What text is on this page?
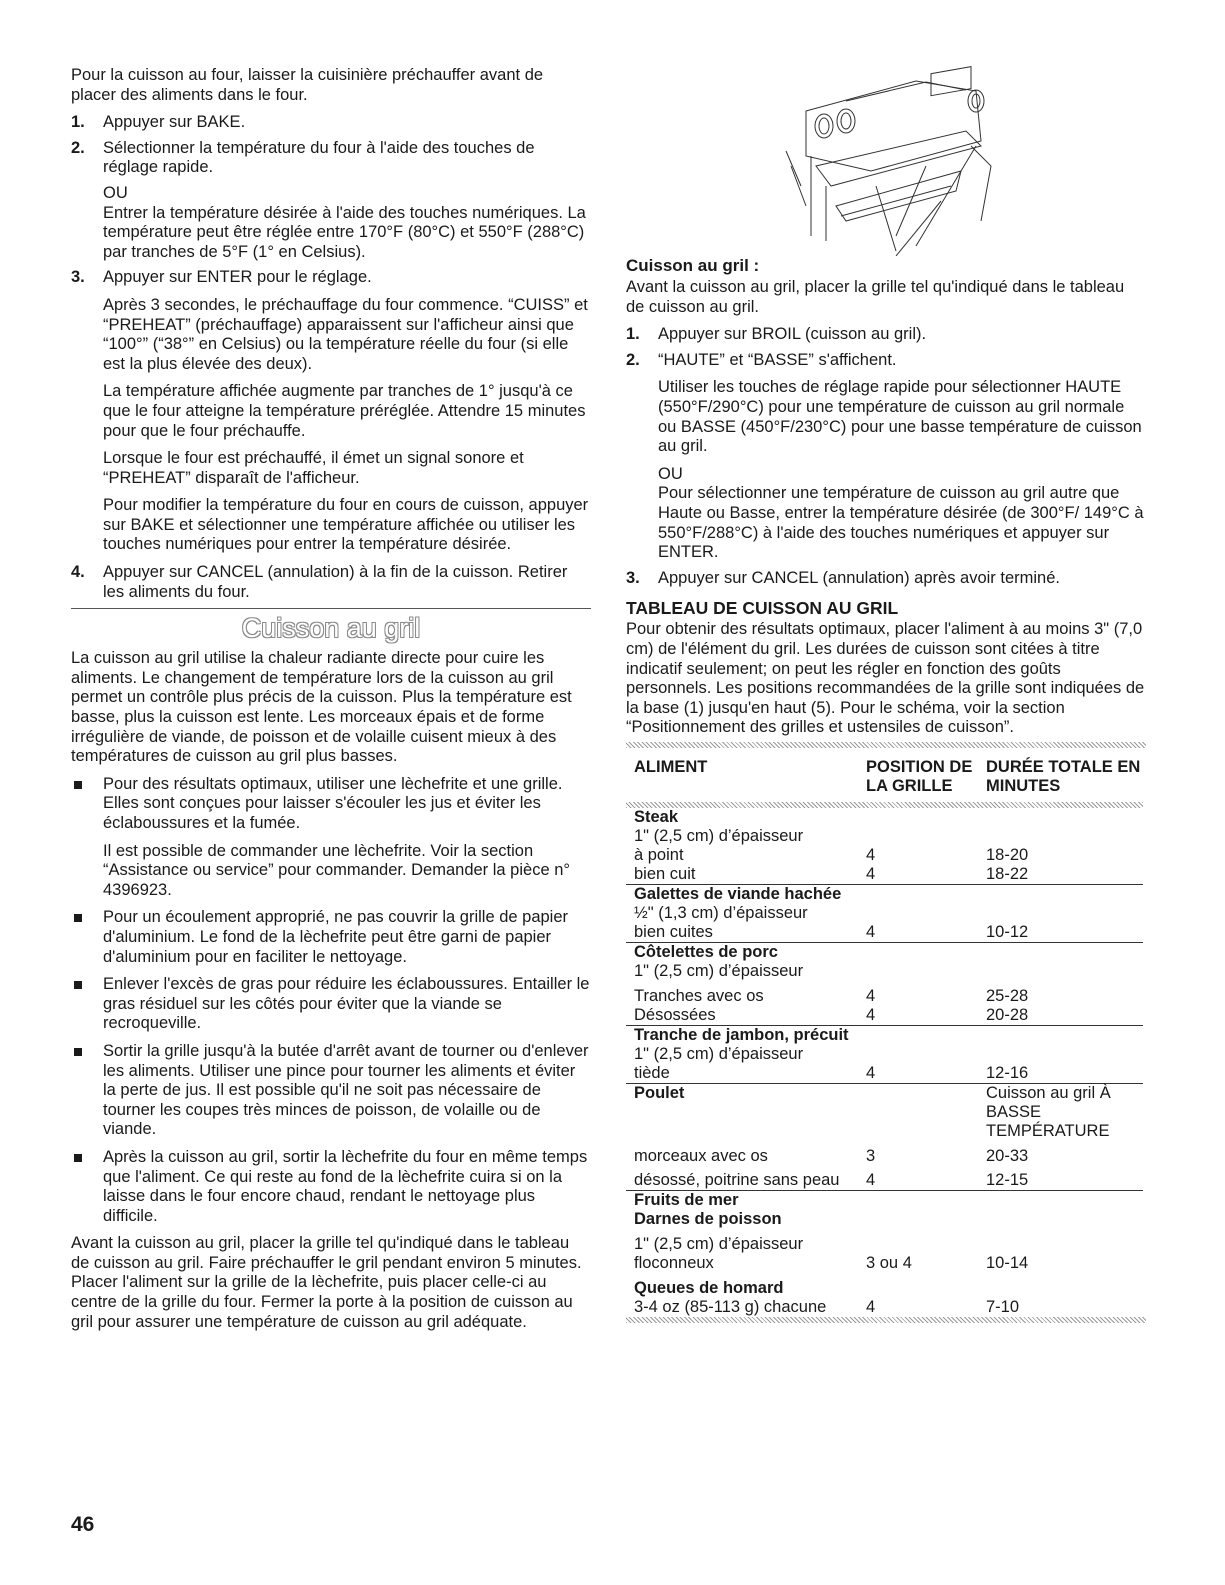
Pour la cuisson au four, laisser la cuisinière préchauffer avant de placer des aliments dans le four.

1. Appuyer sur BAKE.
2. Sélectionner la température du four à l'aide des touches de réglage rapide.
OU
Entrer la température désirée à l'aide des touches numériques. La température peut être réglée entre 170°F (80°C) et 550°F (288°C) par tranches de 5°F (1° en Celsius).
3. Appuyer sur ENTER pour le réglage.

Après 3 secondes, le préchauffage du four commence. “CUISS” et “PREHEAT” (préchauffage) apparaissent sur l'afficheur ainsi que “100°” (“38°” en Celsius) ou la température réelle du four (si elle est la plus élevée des deux).

La température affichée augmente par tranches de 1° jusqu'à ce que le four atteigne la température préréglée. Attendre 15 minutes pour que le four préchauffe.

Lorsque le four est préchauffé, il émet un signal sonore et “PREHEAT” disparaît de l'afficheur.

Pour modifier la température du four en cours de cuisson, appuyer sur BAKE et sélectionner une température affichée ou utiliser les touches numériques pour entrer la température désirée.

4. Appuyer sur CANCEL (annulation) à la fin de la cuisson. Retirer les aliments du four.
Cuisson au gril

La cuisson au gril utilise la chaleur radiante directe pour cuire les aliments. Le changement de température lors de la cuisson au gril permet un contrôle plus précis de la cuisson. Plus la température est basse, plus la cuisson est lente. Les morceaux épais et de forme irrégulière de viande, de poisson et de volaille cuisent mieux à des températures de cuisson au gril plus basses.

Pour des résultats optimaux, utiliser une lèchefrite et une grille. Elles sont conçues pour laisser s'écouler les jus et éviter les éclaboussures et la fumée.

Il est possible de commander une lèchefrite. Voir la section “Assistance ou service” pour commander. Demander la pièce n° 4396923.

Pour un écoulement approprié, ne pas couvrir la grille de papier d'aluminium. Le fond de la lèchefrite peut être garni de papier d'aluminium pour en faciliter le nettoyage.
Enlever l'excès de gras pour réduire les éclaboussures. Entailler le gras résiduel sur les côtés pour éviter que la viande se recroqueville.
Sortir la grille jusqu'à la butée d'arrêt avant de tourner ou d'enlever les aliments. Utiliser une pince pour tourner les aliments et éviter la perte de jus. Il est possible qu'il ne soit pas nécessaire de tourner les coupes très minces de poisson, de volaille ou de viande.
Après la cuisson au gril, sortir la lèchefrite du four en même temps que l'aliment. Ce qui reste au fond de la lèchefrite cuira si on la laisse dans le four encore chaud, rendant le nettoyage plus difficile.

Avant la cuisson au gril, placer la grille tel qu'indiqué dans le tableau de cuisson au gril. Faire préchauffer le gril pendant environ 5 minutes. Placer l'aliment sur la grille de la lèchefrite, puis placer celle-ci au centre de la grille du four. Fermer la porte à la position de cuisson au gril pour assurer une température de cuisson au gril adéquate.

Cuisson au gril :

Avant la cuisson au gril, placer la grille tel qu'indiqué dans le tableau de cuisson au gril.

1. Appuyer sur BROIL (cuisson au gril).
2. “HAUTE” et “BASSE” s'affichent.

Utiliser les touches de réglage rapide pour sélectionner HAUTE (550°F/290°C) pour une température de cuisson au gril normale ou BASSE (450°F/230°C) pour une basse température de cuisson au gril.

OU
Pour sélectionner une température de cuisson au gril autre que Haute ou Basse, entrer la température désirée (de 300°F/ 149°C à 550°F/288°C) à l'aide des touches numériques et appuyer sur ENTER.
3. Appuyer sur CANCEL (annulation) après avoir terminé.
TABLEAU DE CUISSON AU GRIL

Pour obtenir des résultats optimaux, placer l'aliment à au moins 3" (7,0 cm) de l'élément du gril. Les durées de cuisson sont citées à titre indicatif seulement; on peut les régler en fonction des goûts personnels. Les positions recommandées de la grille sont indiquées de la base (1) jusqu'en haut (5). Pour le schéma, voir la section “Positionnement des grilles et ustensiles de cuisson”.

ALIMENT	POSITION DE LA GRILLE	DURÉE TOTALE EN MINUTES

Steak		
1" (2,5 cm) d’épaisseur		
à point	4	18-20
bien cuit	4	18-22
Galettes de viande hachée		
½" (1,3 cm) d’épaisseur		
bien cuites	4	10-12
Côtelettes de porc		
1" (2,5 cm) d’épaisseur		
Tranches avec os	4	25-28
Désossées	4	20-28
Tranche de jambon, précuit		
1" (2,5 cm) d’épaisseur		
tiède	4	12-16
Poulet		Cuisson au gril À BASSE TEMPÉRATURE
morceaux avec os	3	20-33
désossé, poitrine sans peau	4	12-15
Fruits de mer		
Darnes de poisson		
1" (2,5 cm) d’épaisseur		
floconneux	3 ou 4	10-14
Queues de homard		
3-4 oz (85-113 g) chacune	4	7-10
46
